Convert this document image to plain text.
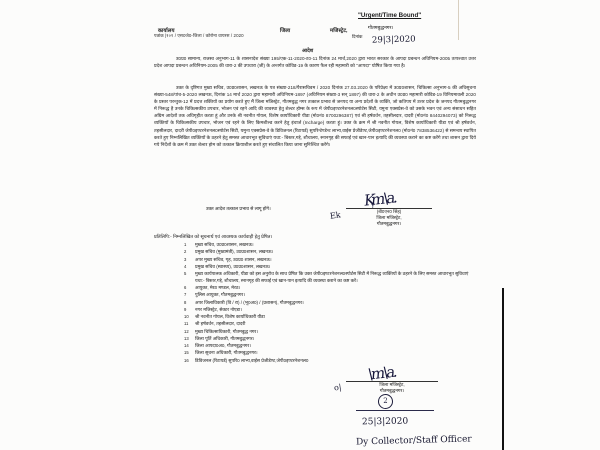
कार्यालय	जिला	मजिस्ट्रेट,
पत्रांक |१०१ / एस0जे0-जिला / कोरोना वायरस / 2020
"Urgent/Time Bound"
गौतमबुद्धनगर।
दिनांक 29|3|2020
आदेश
उ0प्र0 सामान्य, राजस्व अनुभाग-11 के शासनादेश संख्या 195/एक-11-2020-ट0-11 दिनांक 24 मार्च,2020 द्वारा भारत सरकार के आपदा प्रबन्धन अधिनियम-2005 तत्पश्चात उत्तर प्रदेश आपदा प्रबन्धन अधिनियम-2005 की धारा-2 की उपधारा (जी) के अन्तर्गत कोविड-19 के कारण फैल रही महामारी को "आपदा" घोषित किया गया है।
उक्त के दृष्टिगत मुख्य सचिव, उ0प्र0शासन, लखनऊ के पत्र संख्या-218/पैरासचिवम / 2020 दिनांक 27.03.2020 के परिप्रेक्ष्य में उ0प्र0शासन, चिकित्सा अनुभाग-5 की अधिसूचना संख्या-548/पांच-5-2020 लखनऊ, दिनांक 14 मार्च 2020 द्वारा महामारी अधिनियम-1897 (अधिनियम संख्या-3 सन् 1897) की धारा-2 के अधीन उ0प्र0 महामारी कोविड-19 विनियमावली 2020 के प्रस्तर परन्तुक-12 में प्रदत्त शक्तियों का प्रयोग करते हुए मैं जिला मजिस्ट्रेट, गौतमबुद्ध नगर तत्काल प्रभाव से जनपद या अन्य प्रदेशों के व्यक्ति, जो कतिपय में उत्तर प्रदेश के जनपद गौतमबुद्धनगर में निरूद्ध है उनके चिकित्सकीय उपचार, भोजन एवं रहने आदि की व्यवस्था हेतु शेल्टर होम्स के रूप में जेपी0इण्टरनेशनल0स्पोर्टस सिटी, यमुना एक्सप्रेस-वे को उसके भवन एवं अन्य संसाधन सहित अग्रिम आदेशों तक अधिगृहीत करता हूं और उनके श्री नवनीत गोयल, विशेष कार्याधिकारी यीडा (मो0नं0 8700296387) एवं श्री हर्षवर्धन, तहसीलदार, दादरी (मो0नं0 8440294073) को निरूद्ध व्यक्तियों के चिकित्सकीय उपचार, भोजन एवं रहने के लिए किमशील्ड करने हेतु इंचार्ज (Incharge) करता हूं। उक्त के क्रम में श्री नवनीत गोयल, विशेष कार्याधिकारी यीडा एवं श्री हर्षवर्धन, तहसीलदार, दादरी जेपी0इण्टरनेशनल0स्पोर्टस सिटी, यमुना एक्सप्रेस-वे के डिविजनल (रिटायर्ड) सुपरिन्टेण्डेन्ट लाभ्य,वाईस प्रेजीडेण्ट,जेपी0इण्टरनेशनल0 (मो0नं0 7838536422) से समन्वय स्थापित करते हुए निम्नलिखित व्यक्तियों के ठहरने हेतु समस्त आधारभूत सुविधाएं यथा:- बिस्तर,गद्दे, शौचालय, स्नानगृह की सफाई एवं खान-पान इत्यादि की व्यवस्था कराने का कष्ट करेंगे तथा शासन द्वारा दिये गये निर्देशों के क्रम में उक्त शेल्टर होम को तत्काल क्रियाशील करते हुए संचालित किया जाना सुनिश्चित करेंगे।
उक्त आदेश तत्काल प्रभाव से लागू होंगे।	Kְm\a.
Ek	(बी0एन0 सिंह)
जिला मजिस्ट्रेट,
गौतमबुद्धनगर।
प्रतिलिपि:- निम्नलिखित को सूचनार्थ एवं आवश्यक कार्यवाही हेतु प्रेषित।
1 मुख्य सचिव, उ0प्र0शासन, लखनऊ।
2 प्रमुख सचिव (मुख्यमंत्री), उ0प्र0शासन, लखनऊ।
3 अपर मुख्य सचिव, गृह, उ0प्र0 शासन, लखनऊ।
4 प्रमुख सचिव (स्वास्थ्य), उ0प्र0शासन, लखनऊ।
5 मुख्य कार्यपालक अधिकारी, यीडा को इस अनुरोध के साथ प्रेषित कि उक्त जेपी0इण्टरनेशनल0स्पोर्टस सिटी में निरूद्ध व्यक्तियों के ठहरने के लिए समस्त आधारभूत सुविधाएं यथा:- बिस्तर,गद्दे, शौचालय, स्नानगृह की सफाई एवं खान-पान इत्यादि की व्यवस्था कराने का कष्ट करें।
6 आयुक्त, मेरठ मण्डल, मेरठ।
7 पुलिस आयुक्त, गौतमबुद्धनगर।
8 अपर जिलाधिकारी (वि / रा) / (भू0अ0) / (प्रशासन), गौतमबुद्धनगर।
9 नगर मजिस्ट्रेट, सेक्टर नोएडा।
10 श्री नवनीत गोयल, विशेष कार्याधिकारी यीडा
11 श्री हर्षवर्धन, तहसीलदार, दादरी
12 मुख्य चिकित्साधिकारी, गौतमबुद्ध नगर।
13 जिला पूर्ति अधिकारी, गौतमबुद्धनगर।
14 जिला आपदा0अ0, गौतमबुद्धनगर।
15 जिला सूचना अधिकारी, गौतमबुद्धनगर।
16 डिविजनल (रिटायर्ड) सुपरि0 लाभ्य,वाईस प्रेजीडेण्ट,जेपी0इण्टरनेशनल0
\m\a.
o|	जिला मजिस्ट्रेट,
गौतमबुद्धनगर।
2
25|3|2020
Dy Collector/Staff Officer
